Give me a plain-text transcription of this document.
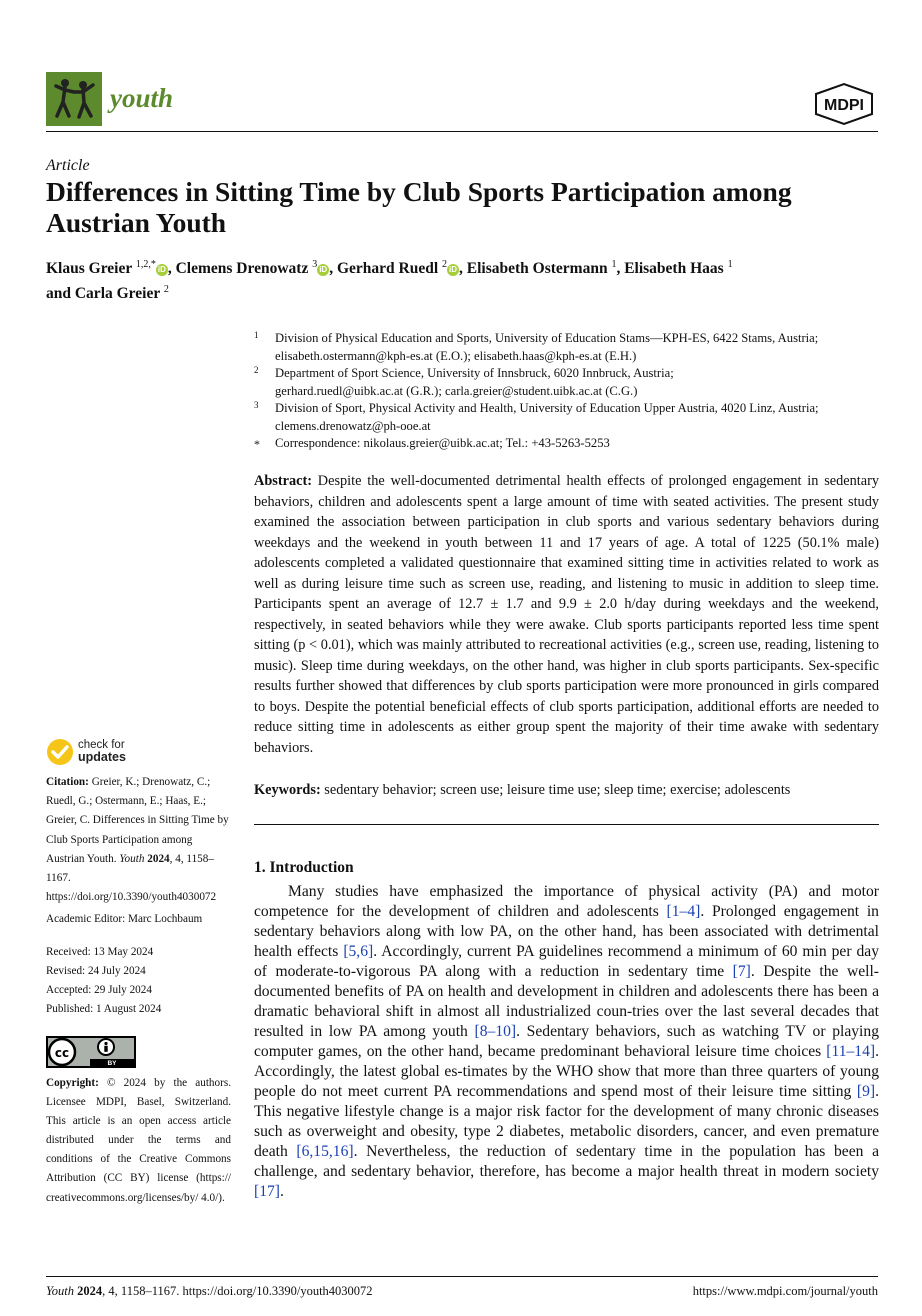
youth	MDPI
Article
Differences in Sitting Time by Club Sports Participation among Austrian Youth
Klaus Greier $^{1,2,*}$ iD , Clemens Drenowatz $^3$ iD , Gerhard Ruedl $^2$ iD , Elisabeth Ostermann $^1$, Elisabeth Haas $^1$
and Carla Greier $^2$
1 Division of Physical Education and Sports, University of Education Stams—KPH-ES, 6422 Stams, Austria;
elisabeth.ostermann@kph-es.at (E.O.); elisabeth.haas@kph-es.at (E.H.)
2 Department of Sport Science, University of Innsbruck, 6020 Innbruck, Austria;
gerhard.ruedl@uibk.ac.at (G.R.); carla.greier@student.uibk.ac.at (C.G.)
3 Division of Sport, Physical Activity and Health, University of Education Upper Austria, 4020 Linz, Austria;
clemens.drenowatz@ph-ooe.at
* Correspondence: nikolaus.greier@uibk.ac.at; Tel.: +43-5263-5253
Abstract: Despite the well-documented detrimental health effects of prolonged engagement in sedentary behaviors, children and adolescents spent a large amount of time with seated activities. The present study examined the association between participation in club sports and various sedentary behaviors during weekdays and the weekend in youth between 11 and 17 years of age. A total of 1225 (50.1% male) adolescents completed a validated questionnaire that examined sitting time in activities related to work as well as during leisure time such as screen use, reading, and listening to music in addition to sleep time. Participants spent an average of 12.7 ± 1.7 and 9.9 ± 2.0 h/day during weekdays and the weekend, respectively, in seated behaviors while they were awake. Club sports participants reported less time spent sitting (p < 0.01), which was mainly attributed to recreational activities (e.g., screen use, reading, listening to music). Sleep time during weekdays, on the other hand, was higher in club sports participants. Sex-specific results further showed that differences by club sports participation were more pronounced in girls compared to boys. Despite the potential beneficial effects of club sports participation, additional efforts are needed to reduce sitting time in adolescents as either group spent the majority of their time awake with sedentary behaviors.
Keywords: sedentary behavior; screen use; leisure time use; sleep time; exercise; adolescents
check for
updates
Citation: Greier, K.; Drenowatz, C.; Ruedl, G.; Ostermann, E.; Haas, E.; Greier, C. Differences in Sitting Time by Club Sports Participation among Austrian Youth. Youth 2024, 4, 1158–1167. https://doi.org/10.3390/youth4030072
Academic Editor: Marc Lochbaum
Received: 13 May 2024
Revised: 24 July 2024
Accepted: 29 July 2024
Published: 1 August 2024
cc
BY
Copyright: © 2024 by the authors. Licensee MDPI, Basel, Switzerland. This article is an open access article distributed under the terms and conditions of the Creative Commons Attribution (CC BY) license (https:// creativecommons.org/licenses/by/ 4.0/).
1. Introduction
Many studies have emphasized the importance of physical activity (PA) and motor competence for the development of children and adolescents [1–4]. Prolonged engagement in sedentary behaviors along with low PA, on the other hand, has been associated with detrimental health effects [5,6]. Accordingly, current PA guidelines recommend a minimum of 60 min per day of moderate-to-vigorous PA along with a reduction in sedentary time [7]. Despite the well-documented benefits of PA on health and development in children and adolescents there has been a dramatic behavioral shift in almost all industrialized coun-tries over the last several decades that resulted in low PA among youth [8–10]. Sedentary behaviors, such as watching TV or playing computer games, on the other hand, became predominant behavioral leisure time choices [11–14]. Accordingly, the latest global es-timates by the WHO show that more than three quarters of young people do not meet current PA recommendations and spend most of their leisure time sitting [9]. This negative lifestyle change is a major risk factor for the development of many chronic diseases such as overweight and obesity, type 2 diabetes, metabolic disorders, cancer, and even premature death [6,15,16]. Nevertheless, the reduction of sedentary time in the population has been a challenge, and sedentary behavior, therefore, has become a major health threat in modern society [17].
Youth 2024, 4, 1158–1167. https://doi.org/10.3390/youth4030072	https://www.mdpi.com/journal/youth
